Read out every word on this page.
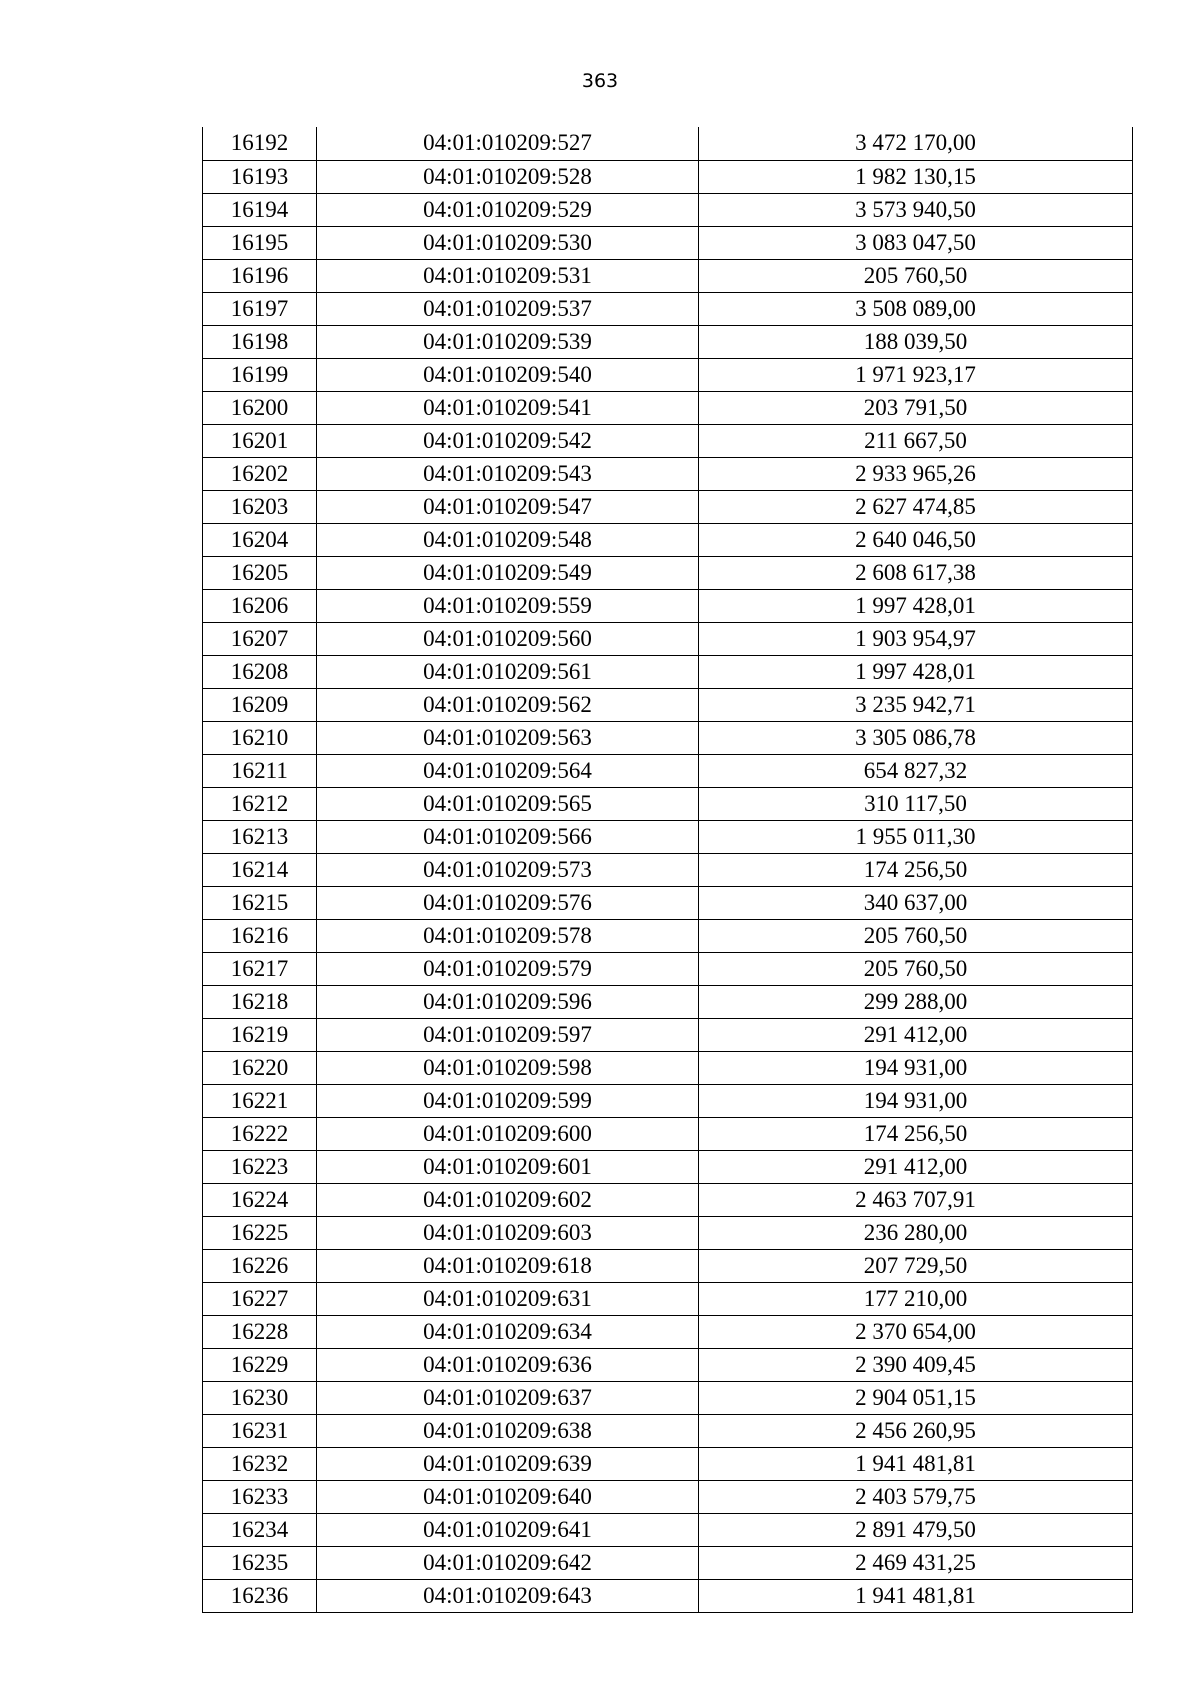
363
16192	04:01:010209:527	3 472 170,00
16193	04:01:010209:528	1 982 130,15
16194	04:01:010209:529	3 573 940,50
16195	04:01:010209:530	3 083 047,50
16196	04:01:010209:531	205 760,50
16197	04:01:010209:537	3 508 089,00
16198	04:01:010209:539	188 039,50
16199	04:01:010209:540	1 971 923,17
16200	04:01:010209:541	203 791,50
16201	04:01:010209:542	211 667,50
16202	04:01:010209:543	2 933 965,26
16203	04:01:010209:547	2 627 474,85
16204	04:01:010209:548	2 640 046,50
16205	04:01:010209:549	2 608 617,38
16206	04:01:010209:559	1 997 428,01
16207	04:01:010209:560	1 903 954,97
16208	04:01:010209:561	1 997 428,01
16209	04:01:010209:562	3 235 942,71
16210	04:01:010209:563	3 305 086,78
16211	04:01:010209:564	654 827,32
16212	04:01:010209:565	310 117,50
16213	04:01:010209:566	1 955 011,30
16214	04:01:010209:573	174 256,50
16215	04:01:010209:576	340 637,00
16216	04:01:010209:578	205 760,50
16217	04:01:010209:579	205 760,50
16218	04:01:010209:596	299 288,00
16219	04:01:010209:597	291 412,00
16220	04:01:010209:598	194 931,00
16221	04:01:010209:599	194 931,00
16222	04:01:010209:600	174 256,50
16223	04:01:010209:601	291 412,00
16224	04:01:010209:602	2 463 707,91
16225	04:01:010209:603	236 280,00
16226	04:01:010209:618	207 729,50
16227	04:01:010209:631	177 210,00
16228	04:01:010209:634	2 370 654,00
16229	04:01:010209:636	2 390 409,45
16230	04:01:010209:637	2 904 051,15
16231	04:01:010209:638	2 456 260,95
16232	04:01:010209:639	1 941 481,81
16233	04:01:010209:640	2 403 579,75
16234	04:01:010209:641	2 891 479,50
16235	04:01:010209:642	2 469 431,25
16236	04:01:010209:643	1 941 481,81
